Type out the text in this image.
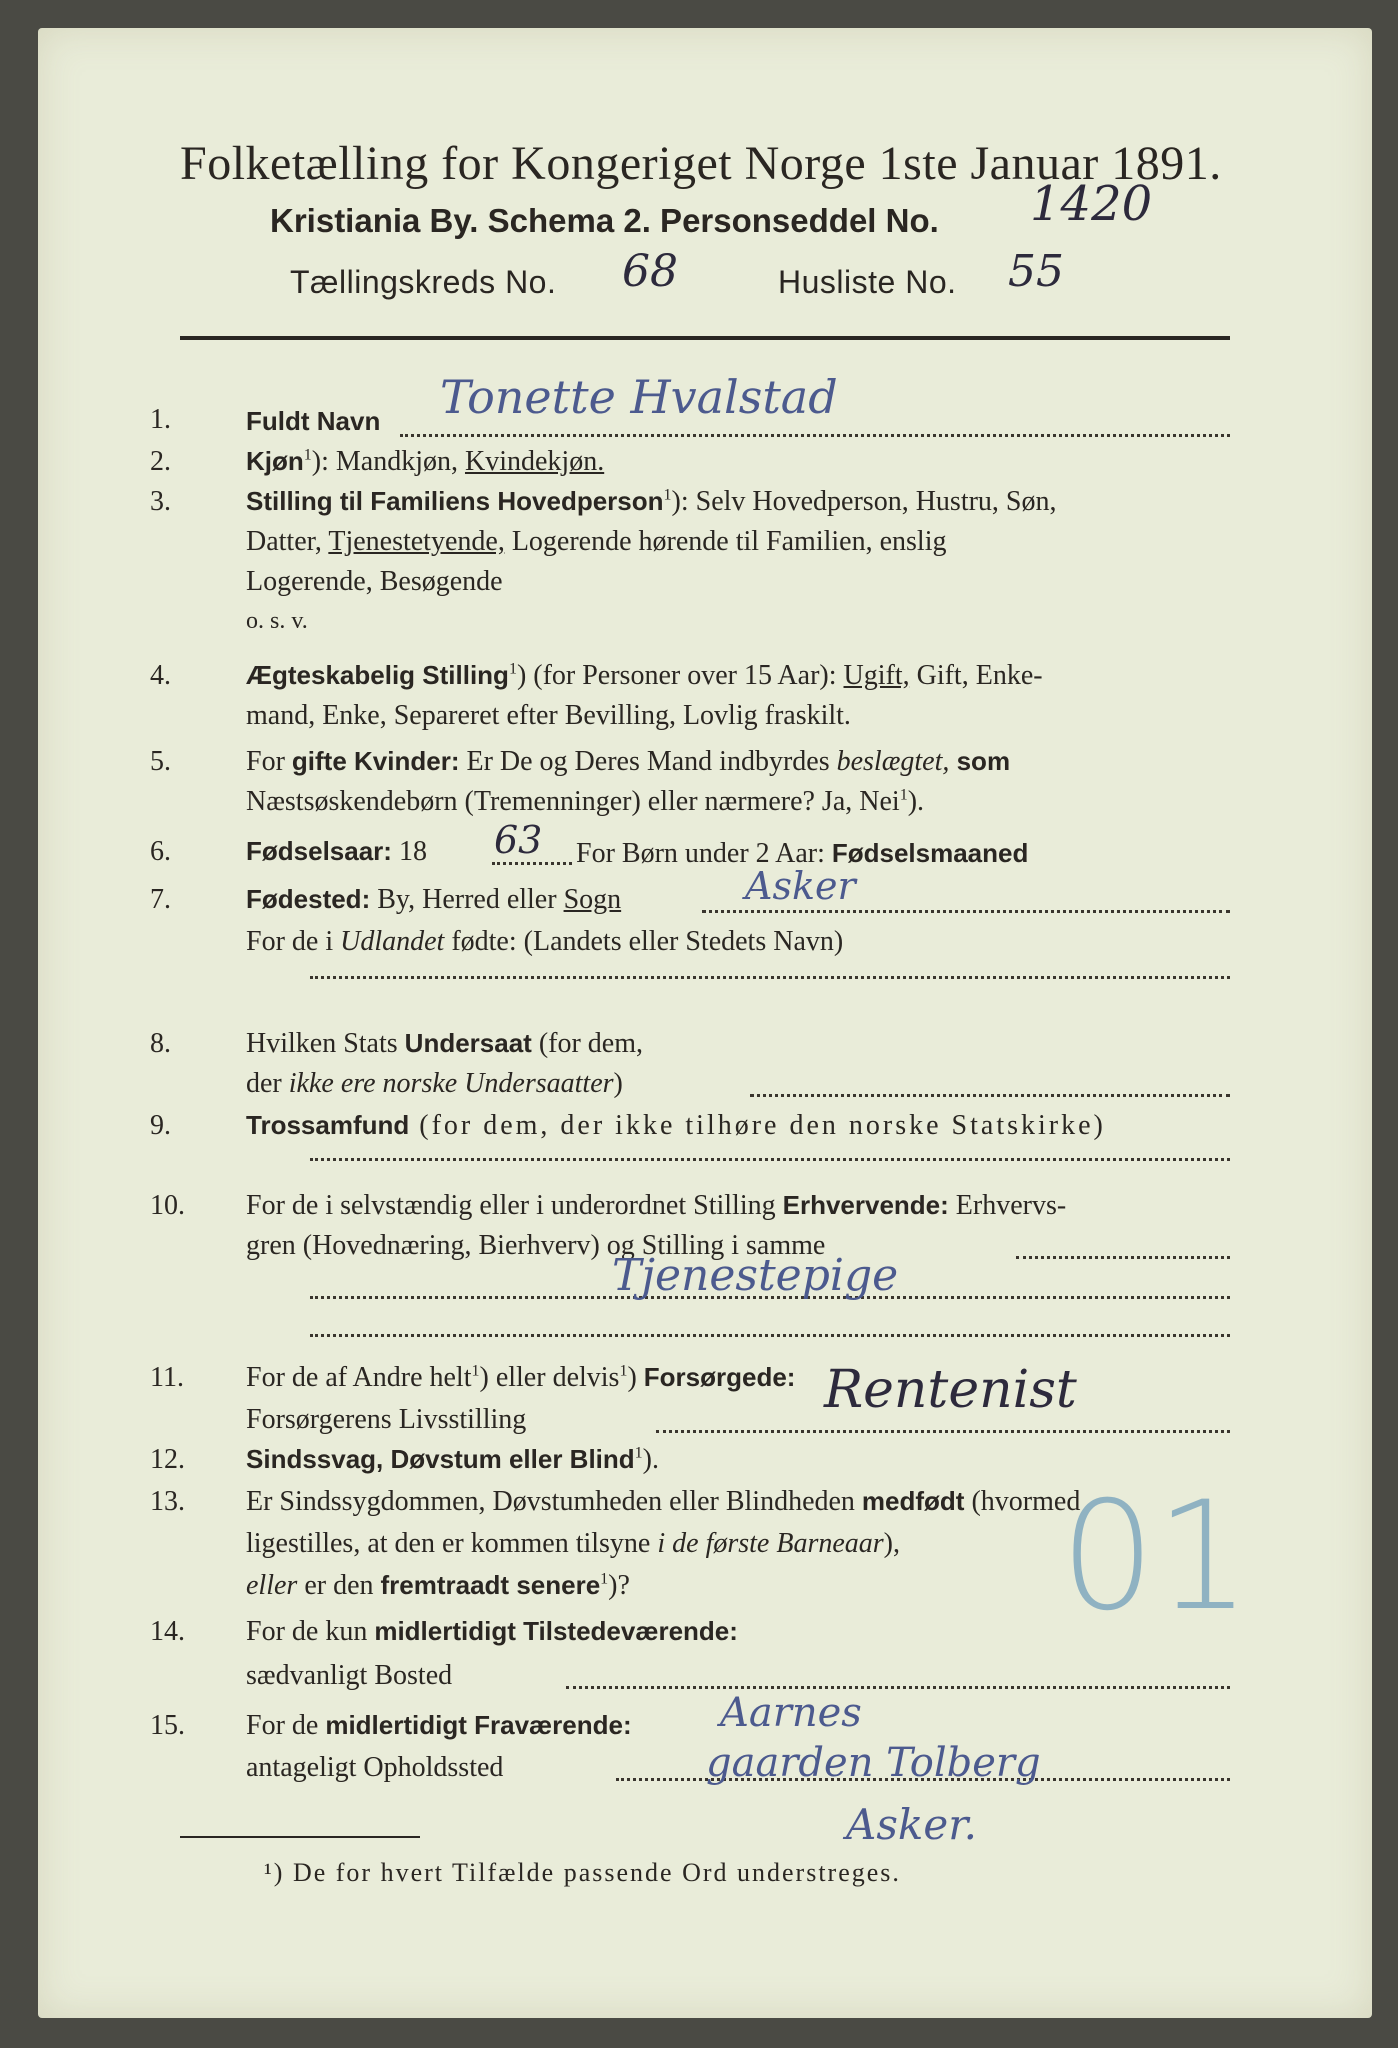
Folketælling for Kongeriget Norge 1ste Januar 1891.
Kristiania By. Schema 2. Personseddel No. 1420
Tællingskreds No. 68	Husliste No. 55
1.	Fuldt Navn Tonette Hvalstad
2.	Kjøn$^1$): Mandkjøn, Kvindekjøn.
3.	Stilling til Familiens Hovedperson$^1$): Selv Hovedperson, Hustru, Søn,
Datter, Tjenestetyende, Logerende hørende til Familien, enslig
Logerende, Besøgende
o. s. v.
4.	Ægteskabelig Stilling$^1$) (for Personer over 15 Aar): Ugift, Gift, Enke-
mand, Enke, Separeret efter Bevilling, Lovlig fraskilt.
5.	For gifte Kvinder: Er De og Deres Mand indbyrdes beslægtet, som
Næstsøskendebørn (Tremenninger) eller nærmere? Ja, Nei$^1$).
6.	Fødselsaar: 18 63 For Børn under 2 Aar: Fødselsmaaned
7.	Fødested: By, Herred eller Sogn	Asker
For de i Udlandet fødte: (Landets eller Stedets Navn)
8.	Hvilken Stats Undersaat (for dem,
der ikke ere norske Undersaatter)
9.	Trossamfund (for dem, der ikke tilhøre den norske Statskirke)
10.	For de i selvstændig eller i underordnet Stilling Erhvervende: Erhvervs-
gren (Hovednæring, Bierhverv) og Stilling i samme
Tjenestepige
11.	For de af Andre helt$^1$) eller delvis$^1$) Forsørgede:
Forsørgerens Livsstilling	Rentenist
12.	Sindssvag, Døvstum eller Blind$^1$).
13.	Er Sindssygdommen, Døvstumheden eller Blindheden medfødt (hvormed
ligestilles, at den er kommen tilsyne i de første Barneaar),
eller er den fremtraadt senere$^1$)?	01
14.	For de kun midlertidigt Tilstedeværende:
sædvanligt Bosted
15.	For de midlertidigt Fraværende: Aarnes
antageligt Opholdssted	gaarden Tolberg
Asker.
¹) De for hvert Tilfælde passende Ord understreges.
